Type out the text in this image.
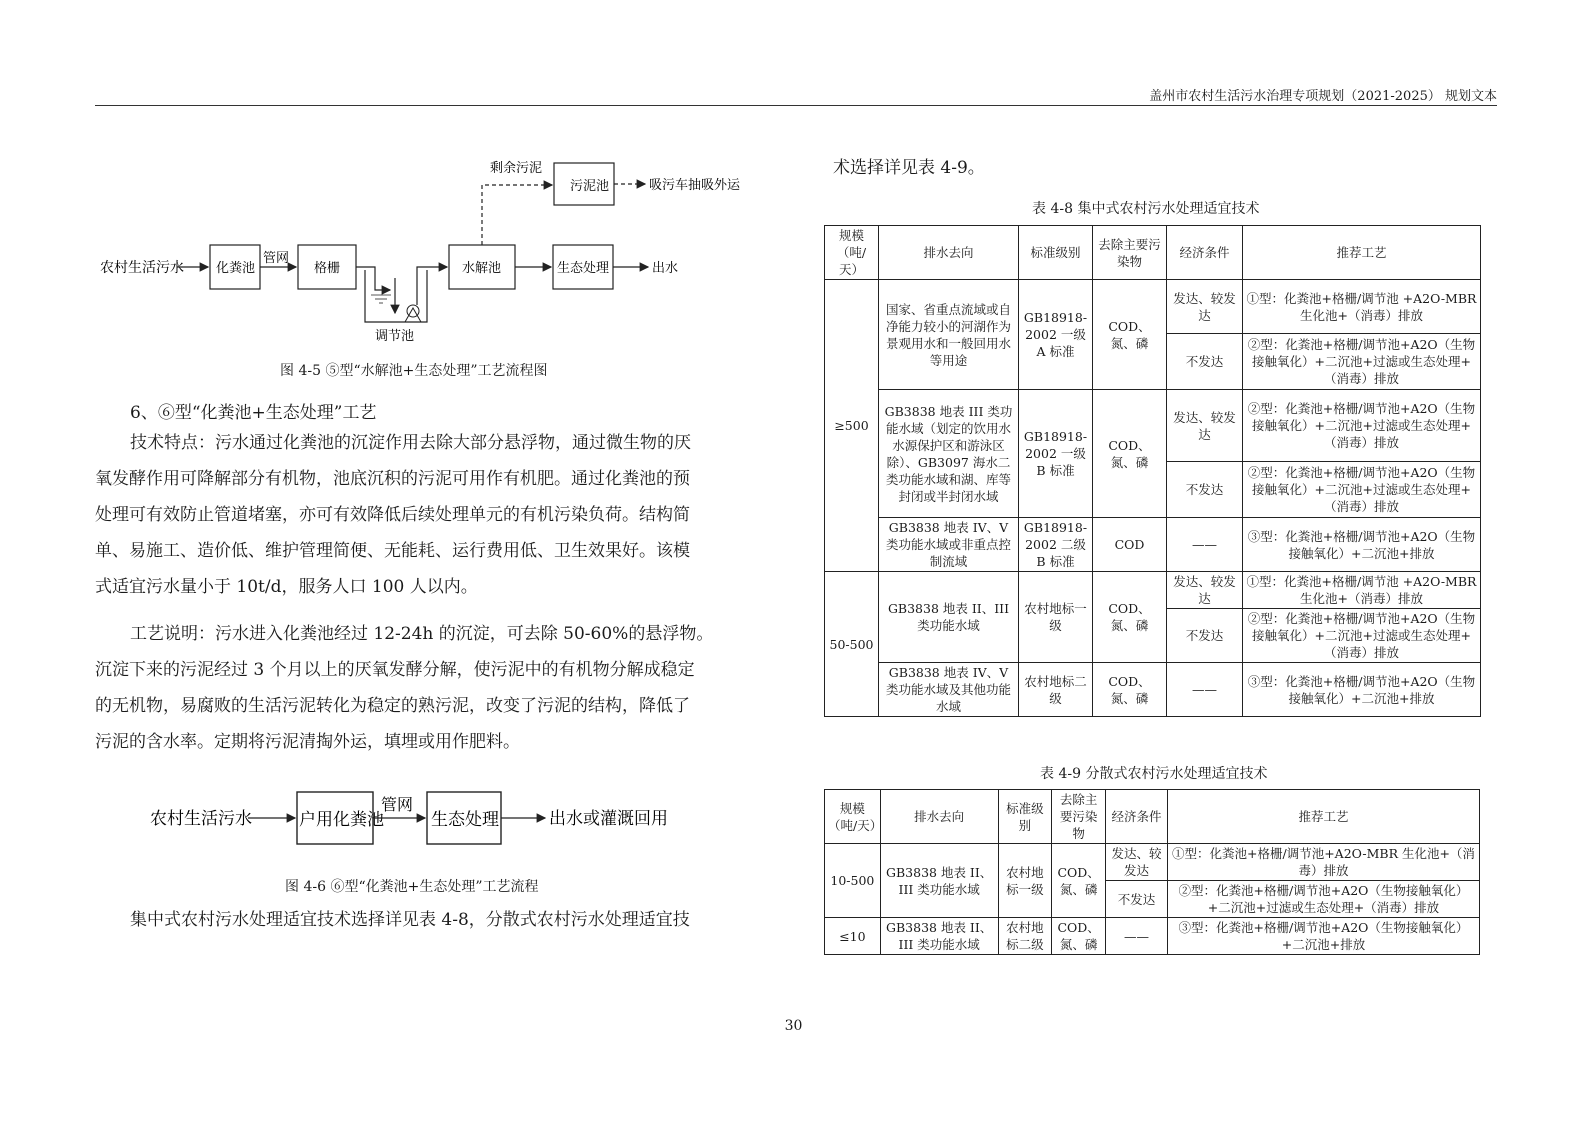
盖州市农村生活污水治理专项规划（2021-2025） 规划文本
农村生活污水 化粪池
管网
格栅
调节池
水解池	生态处理	出水
剩余污泥
污泥池	吸污车抽吸外运
图 4-5 ⑤型“水解池+生态处理”工艺流程图
6、⑥型“化粪池+生态处理”工艺
技术特点：污水通过化粪池的沉淀作用去除大部分悬浮物，通过微生物的厌
氧发酵作用可降解部分有机物，池底沉积的污泥可用作有机肥。通过化粪池的预
处理可有效防止管道堵塞，亦可有效降低后续处理单元的有机污染负荷。结构简
单、易施工、造价低、维护管理简便、无能耗、运行费用低、卫生效果好。该模
式适宜污水量小于 10t/d，服务人口 100 人以内。
工艺说明：污水进入化粪池经过 12-24h 的沉淀，可去除 50-60%的悬浮物。
沉淀下来的污泥经过 3 个月以上的厌氧发酵分解，使污泥中的有机物分解成稳定
的无机物，易腐败的生活污泥转化为稳定的熟污泥，改变了污泥的结构，降低了
污泥的含水率。定期将污泥清掏外运，填埋或用作肥料。
农村生活污水	户用化粪池
管网
生态处理	出水或灌溉回用
图 4-6 ⑥型“化粪池+生态处理”工艺流程
集中式农村污水处理适宜技术选择详见表 4-8，分散式农村污水处理适宜技
术选择详见表 4-9。
表 4-8 集中式农村污水处理适宜技术
规模（吨/天）	排水去向	标准级别	去除主要污染物	经济条件	推荐工艺
≥500	国家、省重点流域或自净能力较小的河湖作为景观用水和一般回用水等用途	GB18918-2002 一级 A 标准	COD、氮、磷	发达、较发达	①型：化粪池+格栅/调节池 +A2O-MBR 生化池+（消毒）排放
				不发达	②型：化粪池+格栅/调节池+A2O（生物接触氧化）+二沉池+过滤或生态处理+（消毒）排放
	GB3838 地表 III 类功能水域（划定的饮用水水源保护区和游泳区除）、GB3097 海水二类功能水域和湖、库等封闭或半封闭水域	GB18918-2002 一级 B 标准	COD、氮、磷	发达、较发达	②型：化粪池+格栅/调节池+A2O（生物接触氧化）+二沉池+过滤或生态处理+（消毒）排放
				不发达	②型：化粪池+格栅/调节池+A2O（生物接触氧化）+二沉池+过滤或生态处理+（消毒）排放
	GB3838 地表 IV、V 类功能水域或非重点控制流域	GB18918-2002 二级 B 标准	COD	——	③型：化粪池+格栅/调节池+A2O（生物接触氧化）+二沉池+排放
50-500	GB3838 地表 II、III 类功能水域	农村地标一级	COD、氮、磷	发达、较发达	①型：化粪池+格栅/调节池 +A2O-MBR 生化池+（消毒）排放
				不发达	②型：化粪池+格栅/调节池+A2O（生物接触氧化）+二沉池+过滤或生态处理+（消毒）排放
	GB3838 地表 IV、V 类功能水域及其他功能水域	农村地标二级	COD、氮、磷	——	③型：化粪池+格栅/调节池+A2O（生物接触氧化）+二沉池+排放
表 4-9 分散式农村污水处理适宜技术
规模（吨/天）	排水去向	标准级别	去除主要污染物	经济条件	推荐工艺
10-500	GB3838 地表 II、III 类功能水域	农村地标一级	COD、氮、磷	发达、较发达	①型：化粪池+格栅/调节池+A2O-MBR 生化池+（消毒）排放
				不发达	②型：化粪池+格栅/调节池+A2O（生物接触氧化）+二沉池+过滤或生态处理+（消毒）排放
≤10	GB3838 地表 II、III 类功能水域	农村地标二级	COD、氮、磷	——	③型：化粪池+格栅/调节池+A2O（生物接触氧化）+二沉池+排放
30
